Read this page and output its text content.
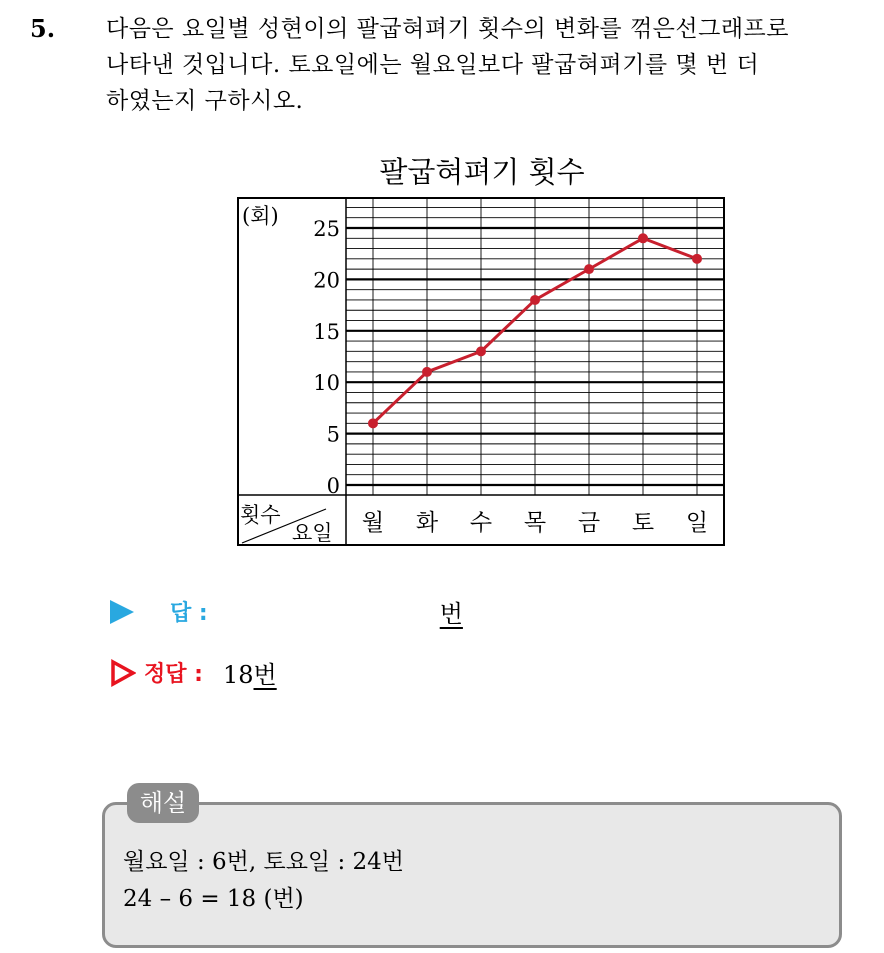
5. 다음은 요일별 성현이의 팔굽혀펴기 횟수의 변화를 꺾은선그래프로
나타낸 것입니다. 토요일에는 월요일보다 팔굽혀펴기를 몇 번 더
하였는지 구하시오.
팔굽혀펴기 횟수
0
5
10
15
20
25
월 화 수 목 금 토 일
(회)
횟수
요일
답 :	번
정답 : 18번
해설
월요일 : 6번, 토요일 : 24번
24 – 6 = 18 (번)
